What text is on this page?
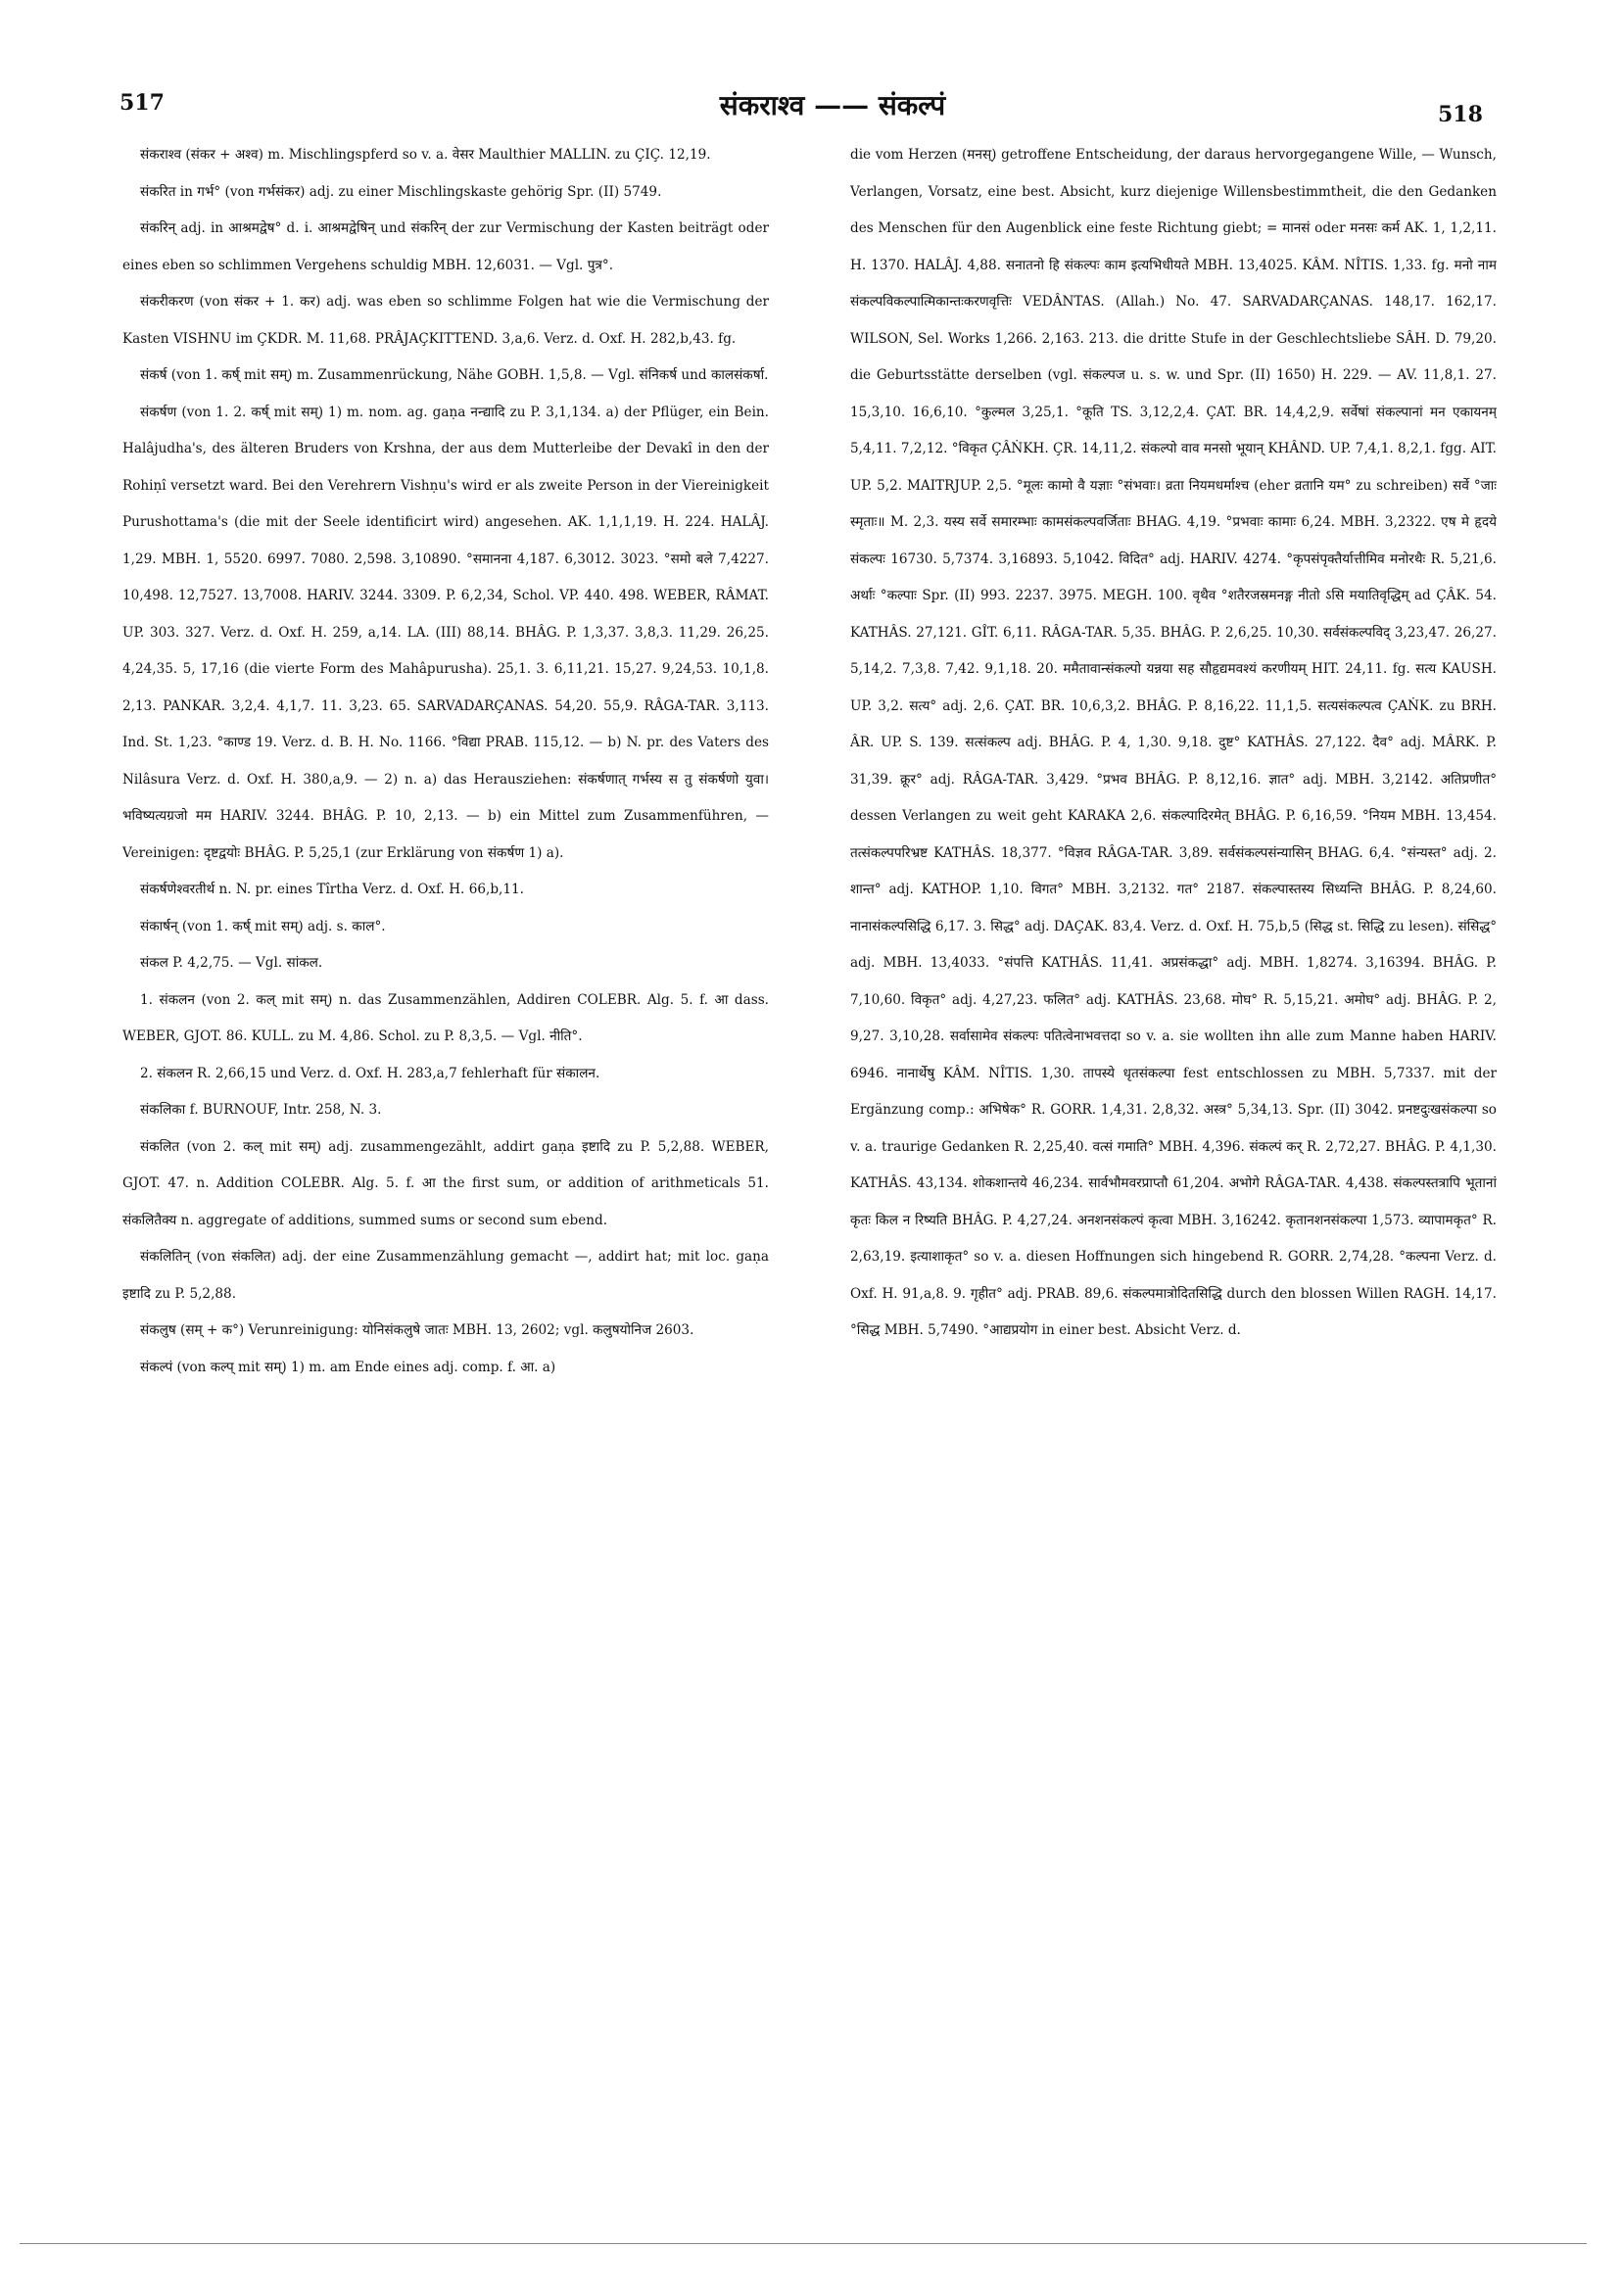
517	संकराश्व —— संकल्पं	518

संकराश्व (संकर + अश्व) m. Mischlingspferd so v. a. वेसर Maulthier MALLIN. zu ÇIÇ. 12,19.

संकरित in गर्भ° (von गर्भसंकर) adj. zu einer Mischlingskaste gehörig Spr. (II) 5749.

संकरिन् adj. in आश्रमद्वेष° d. i. आश्रमद्वेषिन् und संकरिन् der zur Vermischung der Kasten beiträgt oder eines eben so schlimmen Vergehens schuldig MBH. 12,6031. — Vgl. पुत्र°.

संकरीकरण (von संकर + 1. कर) adj. was eben so schlimme Folgen hat wie die Vermischung der Kasten VISHNU im ÇKDR. M. 11,68. PRÂJAÇKITTEND. 3,a,6. Verz. d. Oxf. H. 282,b,43. fg.

संकर्ष (von 1. कर्ष् mit सम्) m. Zusammenrückung, Nähe GOBH. 1,5,8. — Vgl. संनिकर्ष und कालसंकर्षा.

संकर्षण (von 1. 2. कर्ष् mit सम्) 1) m. nom. ag. gaṇa नन्द्यादि zu P. 3,1,134. a) der Pflüger, ein Bein. Halâjudha's, des älteren Bruders von Krshna, der aus dem Mutterleibe der Devakî in den der Rohiṇî versetzt ward. Bei den Verehrern Vishṇu's wird er als zweite Person in der Viereinigkeit Purushottama's (die mit der Seele identificirt wird) angesehen. AK. 1,1,1,19. H. 224. HALÂJ. 1,29. MBH. 1, 5520. 6997. 7080. 2,598. 3,10890. °समानना 4,187. 6,3012. 3023. °समो बले 7,4227. 10,498. 12,7527. 13,7008. HARIV. 3244. 3309. P. 6,2,34, Schol. VP. 440. 498. WEBER, RÂMAT. UP. 303. 327. Verz. d. Oxf. H. 259, a,14. LA. (III) 88,14. BHÂG. P. 1,3,37. 3,8,3. 11,29. 26,25. 4,24,35. 5, 17,16 (die vierte Form des Mahâpurusha). 25,1. 3. 6,11,21. 15,27. 9,24,53. 10,1,8. 2,13. PANKAR. 3,2,4. 4,1,7. 11. 3,23. 65. SARVADARÇANAS. 54,20. 55,9. RÂGA-TAR. 3,113. Ind. St. 1,23. °काण्ड 19. Verz. d. B. H. No. 1166. °विद्या PRAB. 115,12. — b) N. pr. des Vaters des Nilâsura Verz. d. Oxf. H. 380,a,9. — 2) n. a) das Herausziehen: संकर्षणात् गर्भस्य स तु संकर्षणो युवा। भविष्यत्यग्रजो मम HARIV. 3244. BHÂG. P. 10, 2,13. — b) ein Mittel zum Zusammenführen, — Vereinigen: दृष्टद्वयोः BHÂG. P. 5,25,1 (zur Erklärung von संकर्षण 1) a).

संकर्षणेश्वरतीर्थ n. N. pr. eines Tîrtha Verz. d. Oxf. H. 66,b,11.

संकार्षन् (von 1. कर्ष् mit सम्) adj. s. काल°.

संकल P. 4,2,75. — Vgl. सांकल.

1. संकलन (von 2. कल् mit सम्) n. das Zusammenzählen, Addiren COLEBR. Alg. 5. f. आ dass. WEBER, GJOT. 86. KULL. zu M. 4,86. Schol. zu P. 8,3,5. — Vgl. नीति°.

2. संकलन R. 2,66,15 und Verz. d. Oxf. H. 283,a,7 fehlerhaft für संकालन.

संकलिका f. BURNOUF, Intr. 258, N. 3.

संकलित (von 2. कल् mit सम्) adj. zusammengezählt, addirt gaṇa इष्टादि zu P. 5,2,88. WEBER, GJOT. 47. n. Addition COLEBR. Alg. 5. f. आ the first sum, or addition of arithmeticals 51. संकलितैक्य n. aggregate of additions, summed sums or second sum ebend.

संकलितिन् (von संकलित) adj. der eine Zusammenzählung gemacht —, addirt hat; mit loc. gaṇa इष्टादि zu P. 5,2,88.

संकलुष (सम् + क°) Verunreinigung: योनिसंकलुषे जातः MBH. 13, 2602; vgl. कलुषयोनिज 2603.

संकल्पं (von कल्प् mit सम्) 1) m. am Ende eines adj. comp. f. आ. a)

die vom Herzen (मनस्) getroffene Entscheidung, der daraus hervorgegangene Wille, — Wunsch, Verlangen, Vorsatz, eine best. Absicht, kurz diejenige Willensbestimmtheit, die den Gedanken des Menschen für den Augenblick eine feste Richtung giebt; = मानसं oder मनसः कर्म AK. 1, 1,2,11. H. 1370. HALÂJ. 4,88. सनातनो हि संकल्पः काम इत्यभिधीयते MBH. 13,4025. KÂM. NÎTIS. 1,33. fg. मनो नाम संकल्पविकल्पात्मिकान्तःकरणवृत्तिः VEDÂNTAS. (Allah.) No. 47. SARVADARÇANAS. 148,17. 162,17. WILSON, Sel. Works 1,266. 2,163. 213. die dritte Stufe in der Geschlechtsliebe SÂH. D. 79,20. die Geburtsstätte derselben (vgl. संकल्पज u. s. w. und Spr. (II) 1650) H. 229. — AV. 11,8,1. 27. 15,3,10. 16,6,10. °कुल्मल 3,25,1. °कूति TS. 3,12,2,4. ÇAT. BR. 14,4,2,9. सर्वेषां संकल्पानां मन एकायनम् 5,4,11. 7,2,12. °विकृत ÇÂṄKH. ÇR. 14,11,2. संकल्पो वाव मनसो भूयान् KHÂND. UP. 7,4,1. 8,2,1. fgg. AIT. UP. 5,2. MAITRJUP. 2,5. °मूलः कामो वै यज्ञाः °संभवाः। व्रता नियमधर्माश्च (eher व्रतानि यम° zu schreiben) सर्वे °जाः स्मृताः॥ M. 2,3. यस्य सर्वे समारम्भाः कामसंकल्पवर्जिताः BHAG. 4,19. °प्रभवाः कामाः 6,24. MBH. 3,2322. एष मे हृदये संकल्पः 16730. 5,7374. 3,16893. 5,1042. विदित° adj. HARIV. 4274. °कृपसंपृक्तैर्यात्तीमिव मनोरथैः R. 5,21,6. अर्थाः °कल्पाः Spr. (II) 993. 2237. 3975. MEGH. 100. वृथैव °शतैरजस्रमनङ्ग नीतो ऽसि मयातिवृद्धिम् ad ÇÂK. 54. KATHÂS. 27,121. GÎT. 6,11. RÂGA-TAR. 5,35. BHÂG. P. 2,6,25. 10,30. सर्वसंकल्पविद् 3,23,47. 26,27. 5,14,2. 7,3,8. 7,42. 9,1,18. 20. ममैतावान्संकल्पो यन्नया सह सौहृद्यमवश्यं करणीयम् HIT. 24,11. fg. सत्य KAUSH. UP. 3,2. सत्य° adj. 2,6. ÇAT. BR. 10,6,3,2. BHÂG. P. 8,16,22. 11,1,5. सत्यसंकल्पत्व ÇAṄK. zu BRH. ÂR. UP. S. 139. सत्संकल्प adj. BHÂG. P. 4, 1,30. 9,18. दुष्ट° KATHÂS. 27,122. दैव° adj. MÂRK. P. 31,39. क्रूर° adj. RÂGA-TAR. 3,429. °प्रभव BHÂG. P. 8,12,16. ज्ञात° adj. MBH. 3,2142. अतिप्रणीत° dessen Verlangen zu weit geht KARAKA 2,6. संकल्पादिरमेत् BHÂG. P. 6,16,59. °नियम MBH. 13,454. तत्संकल्पपरिभ्रष्ट KATHÂS. 18,377. °विज्ञव RÂGA-TAR. 3,89. सर्वसंकल्पसंन्यासिन् BHAG. 6,4. °संन्यस्त° adj. 2. शान्त° adj. KATHOP. 1,10. विगत° MBH. 3,2132. गत° 2187. संकल्पास्तस्य सिध्यन्ति BHÂG. P. 8,24,60. नानासंकल्पसिद्धि 6,17. 3. सिद्ध° adj. DAÇAK. 83,4. Verz. d. Oxf. H. 75,b,5 (सिद्ध st. सिद्धि zu lesen). संसिद्ध° adj. MBH. 13,4033. °संपत्ति KATHÂS. 11,41. अप्रसंकद्धा° adj. MBH. 1,8274. 3,16394. BHÂG. P. 7,10,60. विकृत° adj. 4,27,23. फलित° adj. KATHÂS. 23,68. मोघ° R. 5,15,21. अमोघ° adj. BHÂG. P. 2, 9,27. 3,10,28. सर्वासामेव संकल्पः पतित्वेनाभवत्तदा so v. a. sie wollten ihn alle zum Manne haben HARIV. 6946. नानार्थेषु KÂM. NÎTIS. 1,30. तापस्ये धृतसंकल्पा fest entschlossen zu MBH. 5,7337. mit der Ergänzung comp.: अभिषेक° R. GORR. 1,4,31. 2,8,32. अस्त्र° 5,34,13. Spr. (II) 3042. प्रनष्टदुःखसंकल्पा so v. a. traurige Gedanken R. 2,25,40. वत्सं गमाति° MBH. 4,396. संकल्पं कर् R. 2,72,27. BHÂG. P. 4,1,30. KATHÂS. 43,134. शोकशान्तये 46,234. सार्वभौमवरप्राप्तौ 61,204. अभोगे RÂGA-TAR. 4,438. संकल्पस्तत्रापि भूतानां कृतः किल न रिष्यति BHÂG. P. 4,27,24. अनशनसंकल्पं कृत्वा MBH. 3,16242. कृतानशनसंकल्पा 1,573. व्यापामकृत° R. 2,63,19. इत्याशाकृत° so v. a. diesen Hoffnungen sich hingebend R. GORR. 2,74,28. °कल्पना Verz. d. Oxf. H. 91,a,8. 9. गृहीत° adj. PRAB. 89,6. संकल्पमात्रोदितसिद्धि durch den blossen Willen RAGH. 14,17. °सिद्ध MBH. 5,7490. °आद्यप्रयोग in einer best. Absicht Verz. d.
